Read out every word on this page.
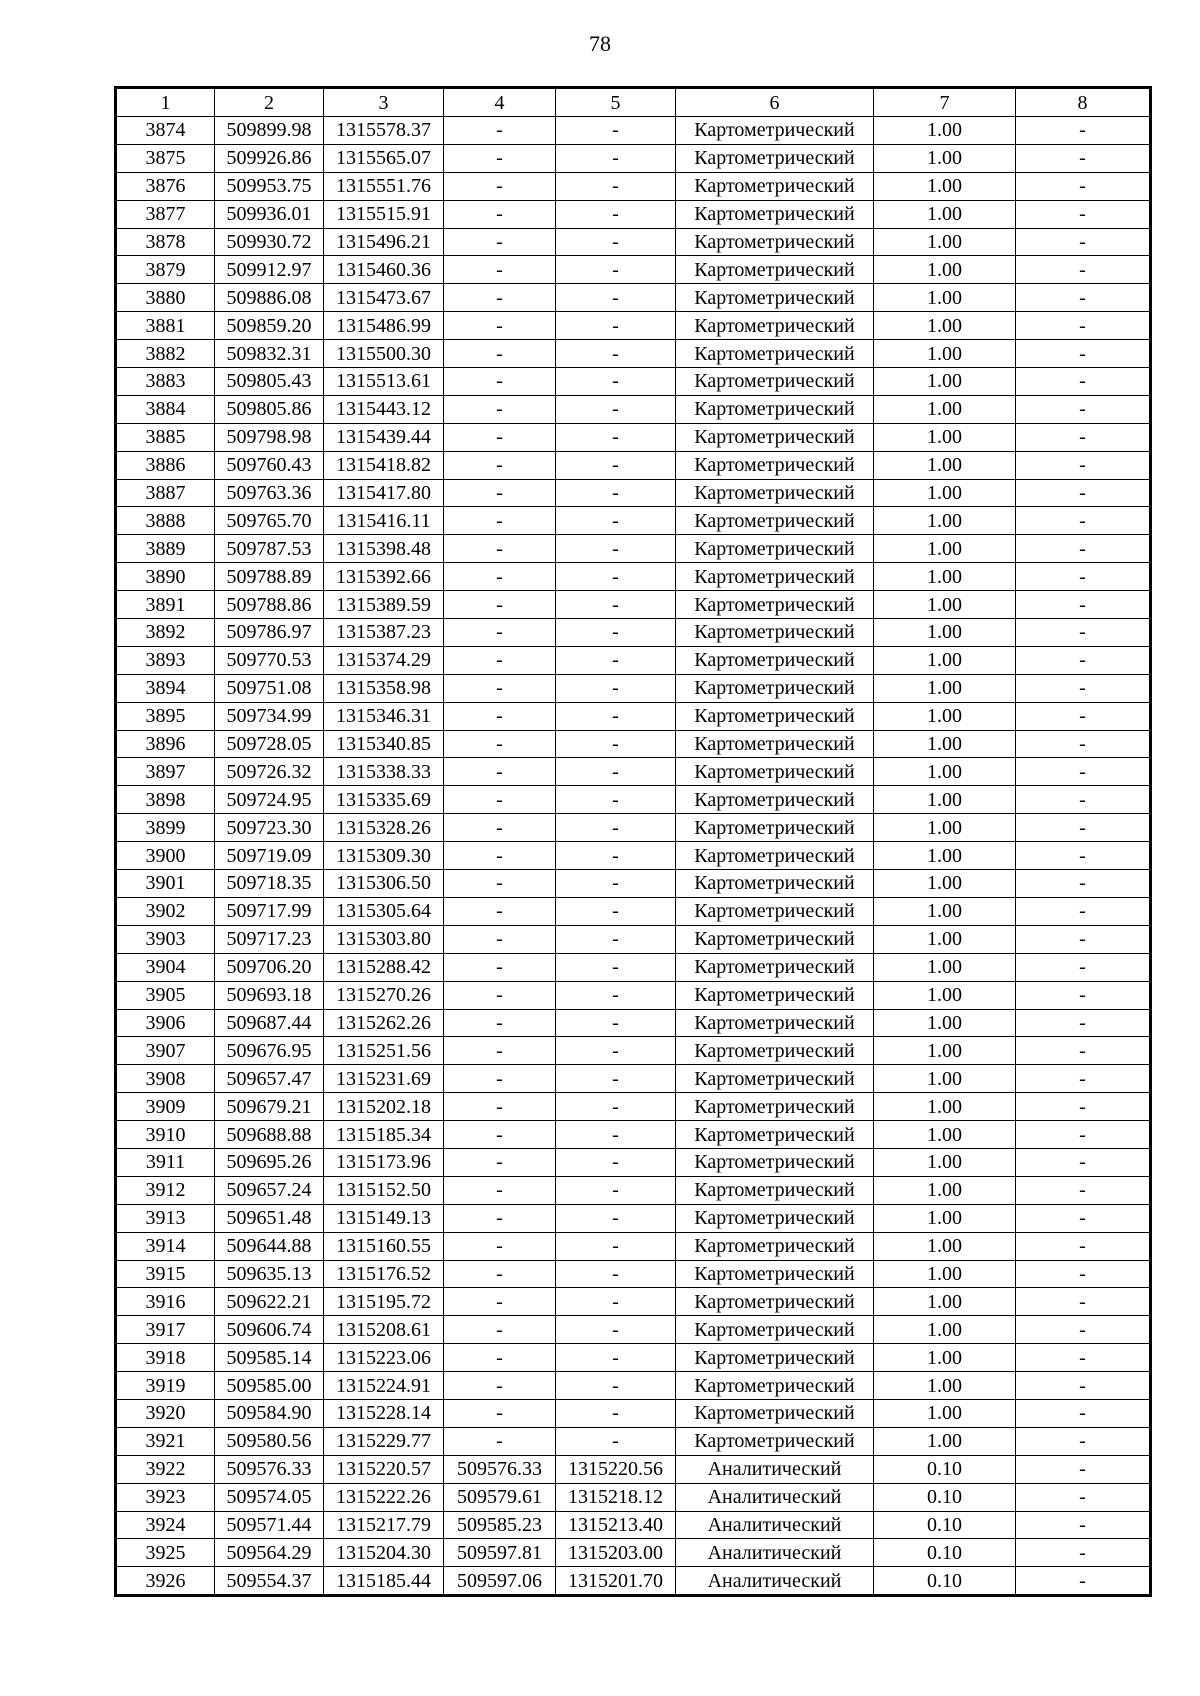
78
1	2	3	4	5	6	7	8
3874	509899.98	1315578.37	-	-	Картометрический	1.00	-
3875	509926.86	1315565.07	-	-	Картометрический	1.00	-
3876	509953.75	1315551.76	-	-	Картометрический	1.00	-
3877	509936.01	1315515.91	-	-	Картометрический	1.00	-
3878	509930.72	1315496.21	-	-	Картометрический	1.00	-
3879	509912.97	1315460.36	-	-	Картометрический	1.00	-
3880	509886.08	1315473.67	-	-	Картометрический	1.00	-
3881	509859.20	1315486.99	-	-	Картометрический	1.00	-
3882	509832.31	1315500.30	-	-	Картометрический	1.00	-
3883	509805.43	1315513.61	-	-	Картометрический	1.00	-
3884	509805.86	1315443.12	-	-	Картометрический	1.00	-
3885	509798.98	1315439.44	-	-	Картометрический	1.00	-
3886	509760.43	1315418.82	-	-	Картометрический	1.00	-
3887	509763.36	1315417.80	-	-	Картометрический	1.00	-
3888	509765.70	1315416.11	-	-	Картометрический	1.00	-
3889	509787.53	1315398.48	-	-	Картометрический	1.00	-
3890	509788.89	1315392.66	-	-	Картометрический	1.00	-
3891	509788.86	1315389.59	-	-	Картометрический	1.00	-
3892	509786.97	1315387.23	-	-	Картометрический	1.00	-
3893	509770.53	1315374.29	-	-	Картометрический	1.00	-
3894	509751.08	1315358.98	-	-	Картометрический	1.00	-
3895	509734.99	1315346.31	-	-	Картометрический	1.00	-
3896	509728.05	1315340.85	-	-	Картометрический	1.00	-
3897	509726.32	1315338.33	-	-	Картометрический	1.00	-
3898	509724.95	1315335.69	-	-	Картометрический	1.00	-
3899	509723.30	1315328.26	-	-	Картометрический	1.00	-
3900	509719.09	1315309.30	-	-	Картометрический	1.00	-
3901	509718.35	1315306.50	-	-	Картометрический	1.00	-
3902	509717.99	1315305.64	-	-	Картометрический	1.00	-
3903	509717.23	1315303.80	-	-	Картометрический	1.00	-
3904	509706.20	1315288.42	-	-	Картометрический	1.00	-
3905	509693.18	1315270.26	-	-	Картометрический	1.00	-
3906	509687.44	1315262.26	-	-	Картометрический	1.00	-
3907	509676.95	1315251.56	-	-	Картометрический	1.00	-
3908	509657.47	1315231.69	-	-	Картометрический	1.00	-
3909	509679.21	1315202.18	-	-	Картометрический	1.00	-
3910	509688.88	1315185.34	-	-	Картометрический	1.00	-
3911	509695.26	1315173.96	-	-	Картометрический	1.00	-
3912	509657.24	1315152.50	-	-	Картометрический	1.00	-
3913	509651.48	1315149.13	-	-	Картометрический	1.00	-
3914	509644.88	1315160.55	-	-	Картометрический	1.00	-
3915	509635.13	1315176.52	-	-	Картометрический	1.00	-
3916	509622.21	1315195.72	-	-	Картометрический	1.00	-
3917	509606.74	1315208.61	-	-	Картометрический	1.00	-
3918	509585.14	1315223.06	-	-	Картометрический	1.00	-
3919	509585.00	1315224.91	-	-	Картометрический	1.00	-
3920	509584.90	1315228.14	-	-	Картометрический	1.00	-
3921	509580.56	1315229.77	-	-	Картометрический	1.00	-
3922	509576.33	1315220.57	509576.33	1315220.56	Аналитический	0.10	-
3923	509574.05	1315222.26	509579.61	1315218.12	Аналитический	0.10	-
3924	509571.44	1315217.79	509585.23	1315213.40	Аналитический	0.10	-
3925	509564.29	1315204.30	509597.81	1315203.00	Аналитический	0.10	-
3926	509554.37	1315185.44	509597.06	1315201.70	Аналитический	0.10	-
